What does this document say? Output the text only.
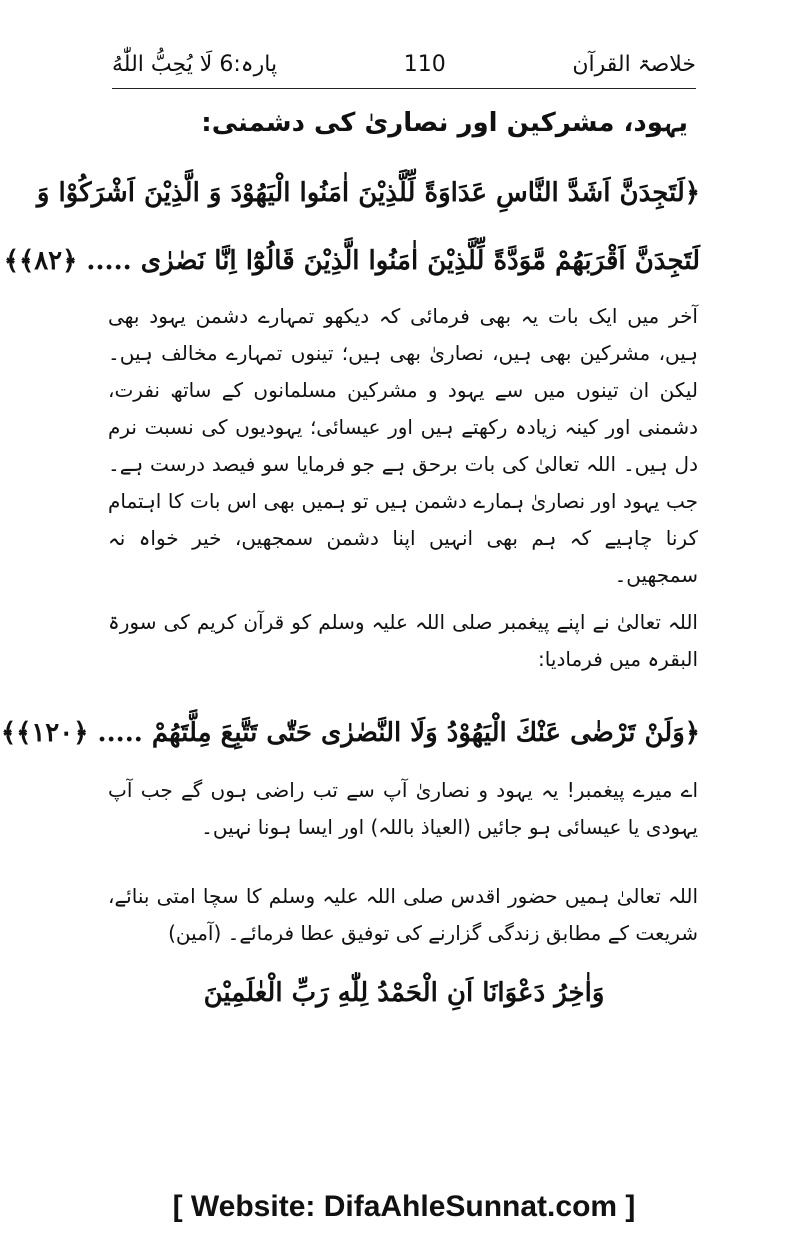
خلاصۃ القرآن
110
پارہ:6 لَا يُحِبُّ اللّٰهُ
یہود، مشرکین اور نصاریٰ کی دشمنی:
﴿لَتَجِدَنَّ اَشَدَّ النَّاسِ عَدَاوَةً لِّلَّذِيْنَ اٰمَنُوا الْيَهُوْدَ وَ الَّذِيْنَ اَشْرَكُوْا وَ
لَتَجِدَنَّ اَقْرَبَهُمْ مَّوَدَّةً لِّلَّذِيْنَ اٰمَنُوا الَّذِيْنَ قَالُوْٓا اِنَّا نَصٰرٰى ..... ﴿٨٢﴾﴾
آخر میں ایک بات یہ بھی فرمائی کہ دیکھو تمہارے دشمن یہود بھی ہیں، مشرکین بھی ہیں، نصاریٰ بھی ہیں؛ تینوں تمہارے مخالف ہیں۔ لیکن ان تینوں میں سے یہود و مشرکین مسلمانوں کے ساتھ نفرت، دشمنی اور کینہ زیادہ رکھتے ہیں اور عیسائی؛ یہودیوں کی نسبت نرم دل ہیں۔ اللہ تعالیٰ کی بات برحق ہے جو فرمایا سو فیصد درست ہے۔ جب یہود اور نصاریٰ ہمارے دشمن ہیں تو ہمیں بھی اس بات کا اہتمام کرنا چاہیے کہ ہم بھی انہیں اپنا دشمن سمجھیں، خیر خواہ نہ سمجھیں۔
اللہ تعالیٰ نے اپنے پیغمبر صلی اللہ علیہ وسلم کو قرآن کریم کی سورۃ البقرہ میں فرمادیا:
﴿وَلَنْ تَرْضٰى عَنْكَ الْيَهُوْدُ وَلَا النَّصٰرٰى حَتّٰى تَتَّبِعَ مِلَّتَهُمْ ..... ﴿١٢٠﴾﴾
اے میرے پیغمبر! یہ یہود و نصاریٰ آپ سے تب راضی ہوں گے جب آپ یہودی یا عیسائی ہو جائیں (العیاذ باللہ) اور ایسا ہونا نہیں۔
اللہ تعالیٰ ہمیں حضور اقدس صلی اللہ علیہ وسلم کا سچا امتی بنائے، شریعت کے مطابق زندگی گزارنے کی توفیق عطا فرمائے۔ (آمین)
وَاٰخِرُ دَعْوَانَا اَنِ الْحَمْدُ لِلّٰهِ رَبِّ الْعٰلَمِيْنَ
[ Website: DifaAhleSunnat.com ]
